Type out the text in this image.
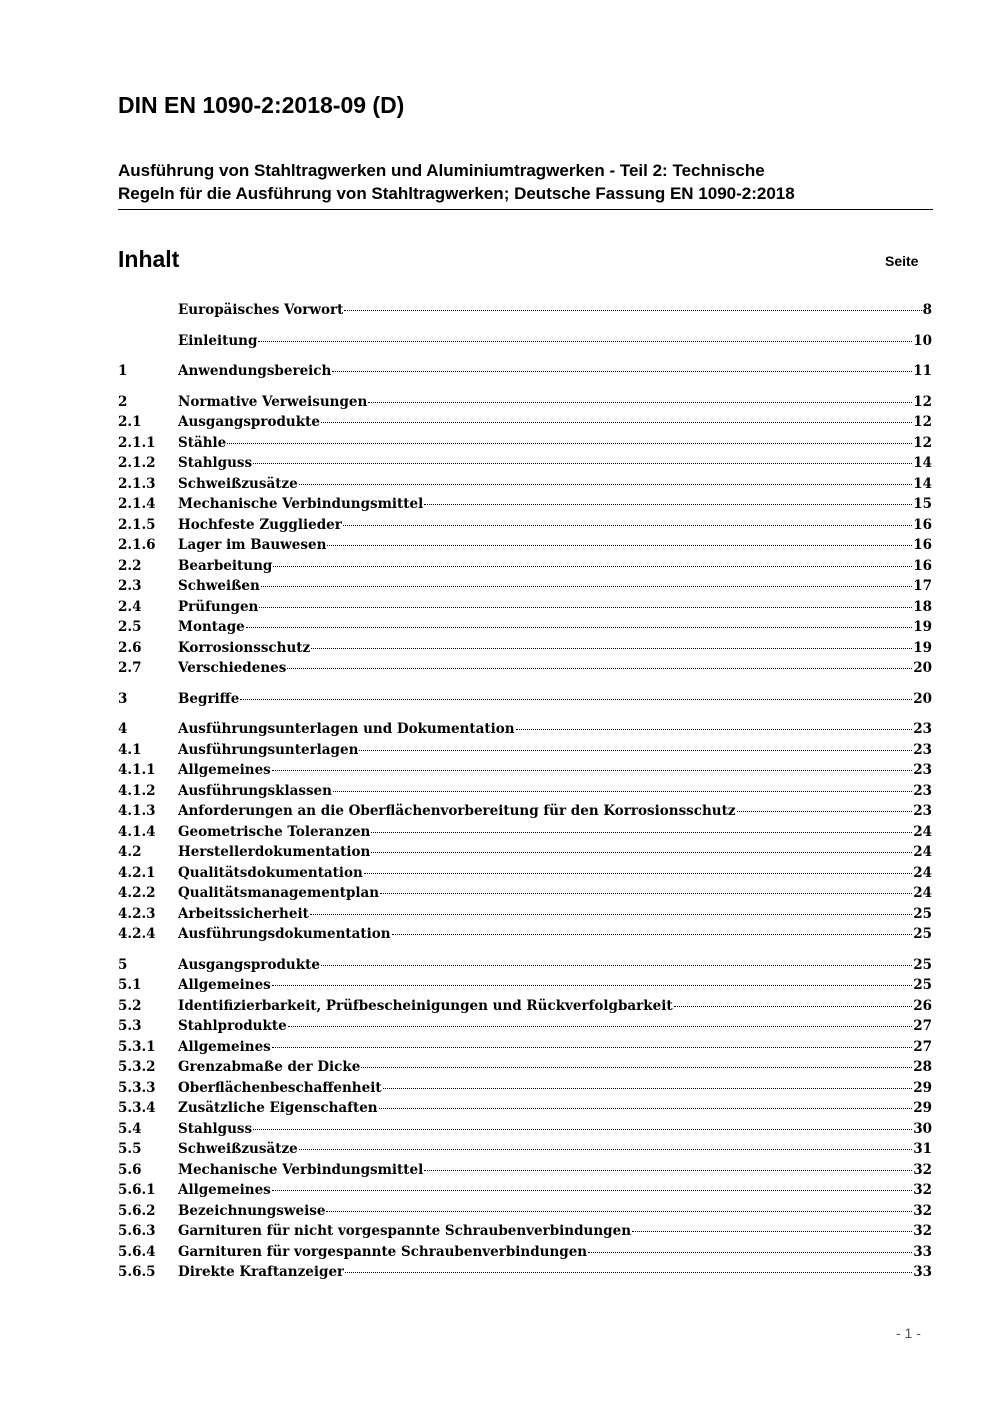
DIN EN 1090-2:2018-09 (D)
Ausführung von Stahltragwerken und Aluminiumtragwerken - Teil 2: Technische
Regeln für die Ausführung von Stahltragwerken; Deutsche Fassung EN 1090-2:2018
Inhalt	Seite
Europäisches Vorwort	8
Einleitung	10
1	Anwendungsbereich	11
2	Normative Verweisungen	12
2.1	Ausgangsprodukte	12
2.1.1	Stähle	12
2.1.2	Stahlguss	14
2.1.3	Schweißzusätze	14
2.1.4	Mechanische Verbindungsmittel	15
2.1.5	Hochfeste Zugglieder	16
2.1.6	Lager im Bauwesen	16
2.2	Bearbeitung	16
2.3	Schweißen	17
2.4	Prüfungen	18
2.5	Montage	19
2.6	Korrosionsschutz	19
2.7	Verschiedenes	20
3	Begriffe	20
4	Ausführungsunterlagen und Dokumentation	23
4.1	Ausführungsunterlagen	23
4.1.1	Allgemeines	23
4.1.2	Ausführungsklassen	23
4.1.3	Anforderungen an die Oberflächenvorbereitung für den Korrosionsschutz	23
4.1.4	Geometrische Toleranzen	24
4.2	Herstellerdokumentation	24
4.2.1	Qualitätsdokumentation	24
4.2.2	Qualitätsmanagementplan	24
4.2.3	Arbeitssicherheit	25
4.2.4	Ausführungsdokumentation	25
5	Ausgangsprodukte	25
5.1	Allgemeines	25
5.2	Identifizierbarkeit, Prüfbescheinigungen und Rückverfolgbarkeit	26
5.3	Stahlprodukte	27
5.3.1	Allgemeines	27
5.3.2	Grenzabmaße der Dicke	28
5.3.3	Oberflächenbeschaffenheit	29
5.3.4	Zusätzliche Eigenschaften	29
5.4	Stahlguss	30
5.5	Schweißzusätze	31
5.6	Mechanische Verbindungsmittel	32
5.6.1	Allgemeines	32
5.6.2	Bezeichnungsweise	32
5.6.3	Garnituren für nicht vorgespannte Schraubenverbindungen	32
5.6.4	Garnituren für vorgespannte Schraubenverbindungen	33
5.6.5	Direkte Kraftanzeiger	33
- 1 -
